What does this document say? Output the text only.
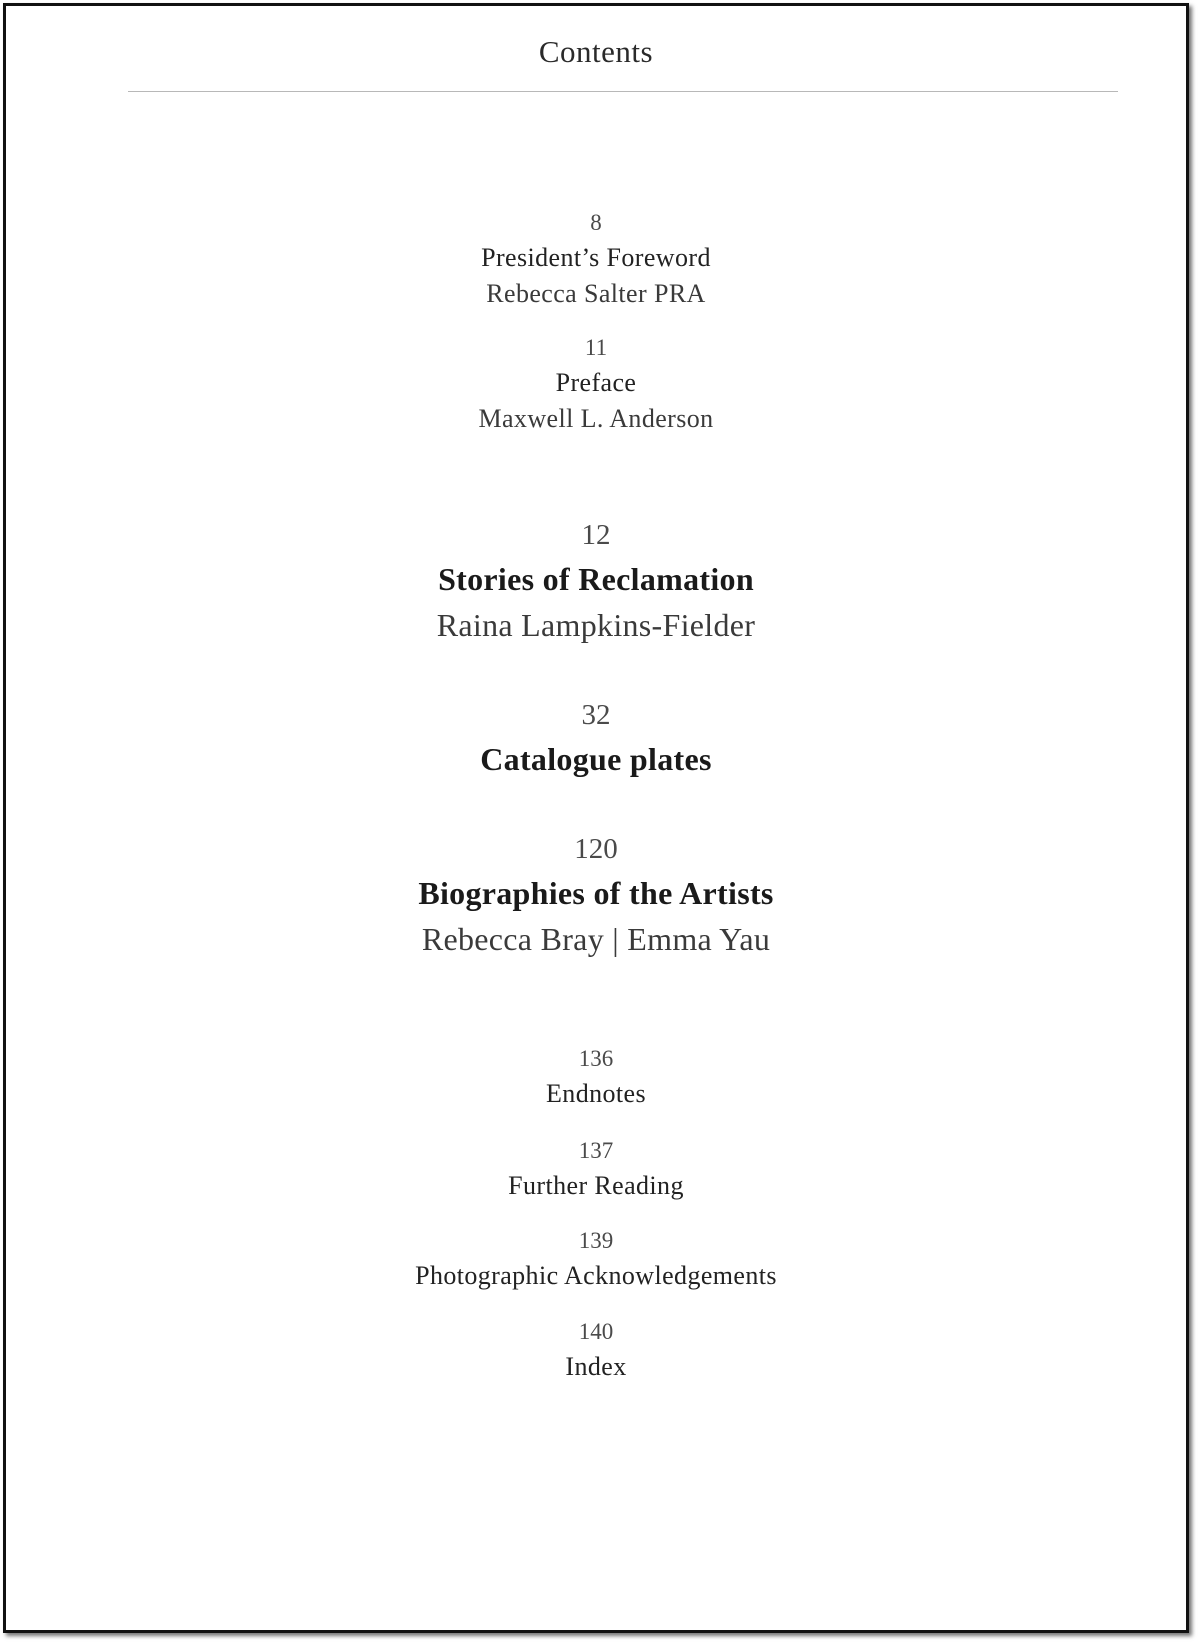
Contents
8
President’s Foreword
Rebecca Salter PRA
11
Preface
Maxwell L. Anderson
12
Stories of Reclamation
Raina Lampkins-Fielder
32
Catalogue plates
120
Biographies of the Artists
Rebecca Bray | Emma Yau
136
Endnotes
137
Further Reading
139
Photographic Acknowledgements
140
Index
